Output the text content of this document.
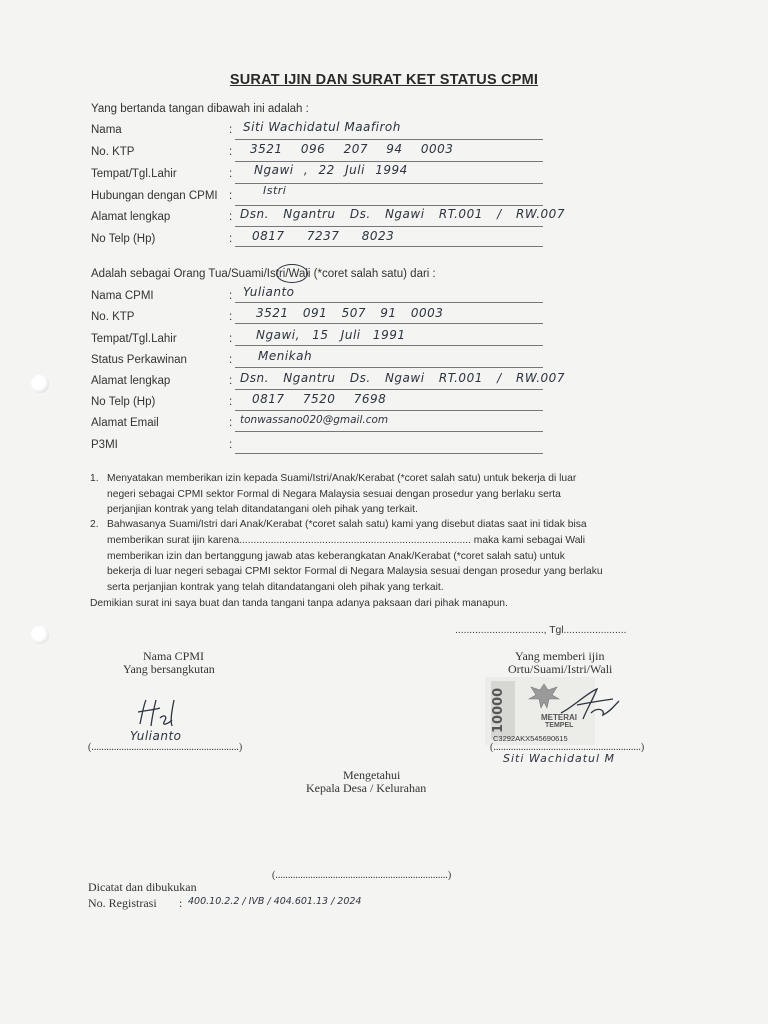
SURAT IJIN DAN SURAT KET STATUS CPMI
Yang bertanda tangan dibawah ini adalah :
Nama	: Siti Wachidatul Maafiroh
No. KTP	: 3521 096 207 94 0003
Tempat/Tgl.Lahir	: Ngawi , 22 Juli 1994
Hubungan dengan CPMI :	Istri
Alamat lengkap	: Dsn. Ngantru Ds. Ngawi RT.001 / RW.007
No Telp (Hp)	: 0817 7237 8023
Adalah sebagai Orang Tua/Suami/Istri/Wali (*coret salah satu) dari :
Nama CPMI	: Yulianto
No. KTP	: 3521 091 507 91 0003
Tempat/Tgl.Lahir	: Ngawi, 15 Juli 1991
Status Perkawinan	: Menikah
Alamat lengkap	: Dsn. Ngantru Ds. Ngawi RT.001 / RW.007
No Telp (Hp)	: 0817 7520 7698
Alamat Email	: tonwassano020@gmail.com
P3MI	:
1. Menyatakan memberikan izin kepada Suami/Istri/Anak/Kerabat (*coret salah satu) untuk bekerja di luar
negeri sebagai CPMI sektor Formal di Negara Malaysia sesuai dengan prosedur yang berlaku serta
perjanjian kontrak yang telah ditandatangani oleh pihak yang terkait.
2. Bahwasanya Suami/Istri dari Anak/Kerabat (*coret salah satu) kami yang disebut diatas saat ini tidak bisa
memberikan surat ijin karena................................................................................. maka kami sebagai Wali
memberikan izin dan bertanggung jawab atas keberangkatan Anak/Kerabat (*coret salah satu) untuk
bekerja di luar negeri sebagai CPMI sektor Formal di Negara Malaysia sesuai dengan prosedur yang berlaku
serta perjanjian kontrak yang telah ditandatangani oleh pihak yang terkait.
Demikian surat ini saya buat dan tanda tangani tanpa adanya paksaan dari pihak manapun.
..............................., Tgl......................
Nama CPMI
Yang bersangkutan
Yulianto
(...........................................................)
Yang memberi ijin
Ortu/Suami/Istri/Wali
10000	METERAI
TEMPEL
C3292AKX545690615
(...........................................................)
Siti Wachidatul M
Mengetahui
Kepala Desa / Kelurahan
(.....................................................................)
Dicatat dan dibukukan
No. Registrasi : 400.10.2.2 / IVB / 404.601.13 / 2024
